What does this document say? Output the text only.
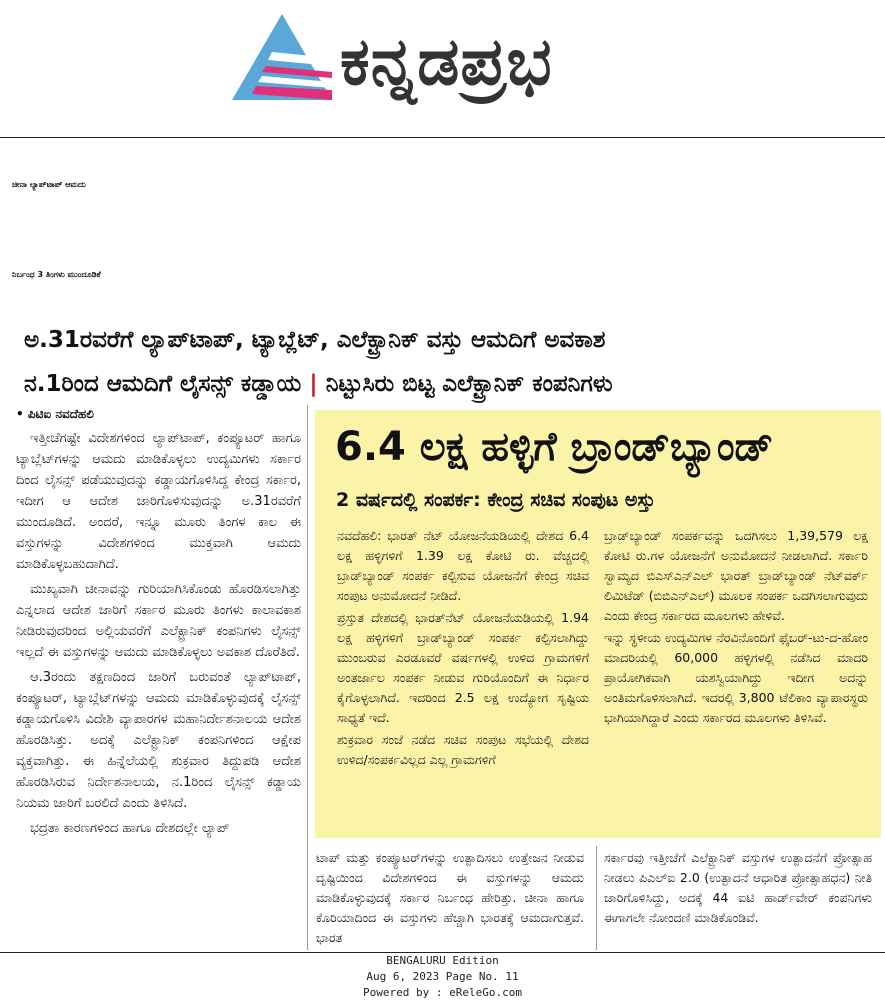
ಕನ್ನಡಪ್ರಭ
ಚೀನಾ ಲ್ಯಾಪ್‌ಟಾಪ್ ಆಮದು
ನಿರ್ಬಂಧ 3 ತಿಂಗಳು ಮುಂದೂಡಿಕೆ
ಅ.31ರವರೆಗೆ ಲ್ಯಾಪ್‌ಟಾಪ್, ಟ್ಯಾಬ್ಲೆಟ್, ಎಲೆಕ್ಟ್ರಾನಿಕ್ ವಸ್ತು ಆಮದಿಗೆ ಅವಕಾಶ
ನ.1ರಿಂದ ಆಮದಿಗೆ ಲೈಸನ್ಸ್ ಕಡ್ಡಾಯ | ನಿಟ್ಟುಸಿರು ಬಿಟ್ಟ ಎಲೆಕ್ಟ್ರಾನಿಕ್ ಕಂಪನಿಗಳು
• ಪಿಟಿಐ ನವದೆಹಲಿ

ಇತ್ತೀಚೆಗಷ್ಟೇ ವಿದೇಶಗಳಿಂದ ಲ್ಯಾಪ್‌ಟಾಪ್, ಕಂಪ್ಯೂಟರ್ ಹಾಗೂ ಟ್ಯಾಬ್ಲೆಟ್‌ಗಳನ್ನು ಆಮದು ಮಾಡಿಕೊಳ್ಳಲು ಉದ್ಯಮಿಗಳು ಸರ್ಕಾರ ದಿಂದ ಲೈಸನ್ಸ್ ಪಡೆಯುವುದನ್ನು ಕಡ್ಡಾಯಗೊಳಿಸಿದ್ದ ಕೇಂದ್ರ ಸರ್ಕಾರ, ಇದೀಗ ಆ ಆದೇಶ ಜಾರಿಗೊಳಿಸುವುದನ್ನು ಅ.31ರವರೆಗೆ ಮುಂದೂಡಿದೆ. ಅಂದರೆ, ಇನ್ನೂ ಮೂರು ತಿಂಗಳ ಕಾಲ ಈ ವಸ್ತುಗಳನ್ನು ವಿದೇಶಗಳಿಂದ ಮುಕ್ತವಾಗಿ ಆಮದು ಮಾಡಿಕೊಳ್ಳಬಹುದಾಗಿದೆ.

ಮುಖ್ಯವಾಗಿ ಚೀನಾವನ್ನು ಗುರಿಯಾಗಿಸಿಕೊಂಡು ಹೊರಡಿಸಲಾಗಿತ್ತು ಎನ್ನಲಾದ ಆದೇಶ ಜಾರಿಗೆ ಸರ್ಕಾರ ಮೂರು ತಿಂಗಳು ಕಾಲಾವಕಾಶ ನೀಡಿರುವುದರಿಂದ ಅಲ್ಲಿಯವರೆಗೆ ಎಲೆಕ್ಟ್ರಾನಿಕ್ ಕಂಪನಿಗಳು ಲೈಸನ್ಸ್ ಇಲ್ಲದೆ ಈ ವಸ್ತುಗಳನ್ನು ಆಮದು ಮಾಡಿಕೊಳ್ಳಲು ಅವಕಾಶ ದೊರೆತಿದೆ.

ಆ.3ರಂದು ತಕ್ಷಣದಿಂದ ಜಾರಿಗೆ ಬರುವಂತೆ ಲ್ಯಾಪ್‌ಟಾಪ್, ಕಂಪ್ಯೂಟರ್, ಟ್ಯಾಬ್ಲೆಟ್‌ಗಳನ್ನು ಆಮದು ಮಾಡಿಕೊಳ್ಳುವುದಕ್ಕೆ ಲೈಸನ್ಸ್ ಕಡ್ಡಾಯಗೊಳಿಸಿ ವಿದೇಶಿ ವ್ಯಾಪಾರಗಳ ಮಹಾನಿರ್ದೇಶನಾಲಯ ಆದೇಶ ಹೊರಡಿಸಿತ್ತು. ಅದಕ್ಕೆ ಎಲೆಕ್ಟ್ರಾನಿಕ್ ಕಂಪನಿಗಳಿಂದ ಆಕ್ಷೇಪ ವ್ಯಕ್ತವಾಗಿತ್ತು. ಈ ಹಿನ್ನೆಲೆಯಲ್ಲಿ ಶುಕ್ರವಾರ ತಿದ್ದುಪಡಿ ಆದೇಶ ಹೊರಡಿಸಿರುವ ನಿರ್ದೇಶನಾಲಯ, ನ.1ರಿಂದ ಲೈಸನ್ಸ್ ಕಡ್ಡಾಯ ನಿಯಮ ಜಾರಿಗೆ ಬರಲಿದೆ ಎಂದು ತಿಳಿಸಿದೆ.

ಭದ್ರತಾ ಕಾರಣಗಳಿಂದ ಹಾಗೂ ದೇಶದಲ್ಲೇ ಲ್ಯಾಪ್

6.4 ಲಕ್ಷ ಹಳ್ಳಿಗೆ ಬ್ರಾಂಡ್‌ಬ್ಯಾಂಡ್
2 ವರ್ಷದಲ್ಲಿ ಸಂಪರ್ಕ: ಕೇಂದ್ರ ಸಚಿವ ಸಂಪುಟ ಅಸ್ತು

ನವದೆಹಲಿ: ಭಾರತ್ ನೆಟ್ ಯೋಜನೆಯಡಿಯಲ್ಲಿ ದೇಶದ 6.4 ಲಕ್ಷ ಹಳ್ಳಿಗಳಿಗೆ 1.39 ಲಕ್ಷ ಕೋಟಿ ರು. ವೆಚ್ಚದಲ್ಲಿ ಬ್ರಾಡ್‌ಬ್ಯಾಂಡ್ ಸಂಪರ್ಕ ಕಲ್ಪಿಸುವ ಯೋಜನೆಗೆ ಕೇಂದ್ರ ಸಚಿವ ಸಂಪುಟ ಅನುಮೋದನೆ ನೀಡಿದೆ.

ಪ್ರಸ್ತುತ ದೇಶದಲ್ಲಿ ಭಾರತ್‌ನೆಟ್ ಯೋಜನೆಯಡಿಯಲ್ಲಿ 1.94 ಲಕ್ಷ ಹಳ್ಳಿಗಳಿಗೆ ಬ್ರಾಡ್‌ಬ್ಯಾಂಡ್ ಸಂಪರ್ಕ ಕಲ್ಪಿಸಲಾಗಿದ್ದು ಮುಂಬರುವ ಎರಡೂವರೆ ವರ್ಷಗಳಲ್ಲಿ ಉಳಿದ ಗ್ರಾಮಗಳಿಗೆ ಅಂತರ್ಜಾಲ ಸಂಪರ್ಕ ನೀಡುವ ಗುರಿಯೊಂದಿಗೆ ಈ ನಿರ್ಧಾರ ಕೈಗೊಳ್ಳಲಾಗಿದೆ. ಇದರಿಂದ 2.5 ಲಕ್ಷ ಉದ್ಯೋಗ ಸೃಷ್ಟಿಯ ಸಾಧ್ಯತೆ ಇದೆ.

ಶುಕ್ರವಾರ ಸಂಜೆ ನಡೆದ ಸಚಿವ ಸಂಪುಟ ಸಭೆಯಲ್ಲಿ ದೇಶದ ಉಳಿದ/ಸಂಪರ್ಕವಿಲ್ಲದ ಎಲ್ಲ ಗ್ರಾಮಗಳಿಗೆ

ಬ್ರಾಡ್‌ಬ್ಯಾಂಡ್ ಸಂಪರ್ಕವನ್ನು ಒದಗಿಸಲು 1,39,579 ಲಕ್ಷ ಕೋಟಿ ರು.ಗಳ ಯೋಜನೆಗೆ ಅನುಮೋದನೆ ನೀಡಲಾಗಿದೆ. ಸರ್ಕಾರಿ ಸ್ವಾಮ್ಯದ ಬಿಎಸ್‌ಎನ್‌ಎಲ್ ಭಾರತ್ ಬ್ರಾಡ್‌ಬ್ಯಾಂಡ್ ನೆಟ್‌ವರ್ಕ್ ಲಿಮಿಟೆಡ್ (ಬಿಬಿಎನ್‌ಎಲ್) ಮೂಲಕ ಸಂಪರ್ಕ ಒದಗಿಸಲಾಗುವುದು ಎಂದು ಕೇಂದ್ರ ಸರ್ಕಾರದ ಮೂಲಗಳು ಹೇಳಿವೆ.

ಇನ್ನು ಸ್ಥಳೀಯ ಉದ್ಯಮಿಗಳ ನೆರವಿನೊಂದಿಗೆ ಫೈಬರ್-ಟು-ದ-ಹೋಂ ಮಾದರಿಯಲ್ಲಿ 60,000 ಹಳ್ಳಿಗಳಲ್ಲಿ ನಡೆಸಿದ ಮಾದರಿ ಪ್ರಾಯೋಗಿಕವಾಗಿ ಯಶಸ್ವಿಯಾಗಿದ್ದು ಇದೀಗ ಅದನ್ನು ಅಂತಿಮಗೊಳಿಸಲಾಗಿದೆ. ಇದರಲ್ಲಿ 3,800 ಟೆಲಿಕಾಂ ವ್ಯಾಪಾರಸ್ಥರು ಭಾಗಿಯಾಗಿದ್ದಾರೆ ಎಂದು ಸರ್ಕಾರದ ಮೂಲಗಳು ತಿಳಿಸಿವೆ.

ಟಾಪ್ ಮತ್ತು ಕಂಪ್ಯೂಟರ್‌ಗಳನ್ನು ಉತ್ಪಾದಿಸಲು ಉತ್ತೇಜನ ನೀಡುವ ದೃಷ್ಟಿಯಿಂದ ವಿದೇಶಗಳಿಂದ ಈ ವಸ್ತುಗಳನ್ನು ಆಮದು ಮಾಡಿಕೊಳ್ಳುವುದಕ್ಕೆ ಸರ್ಕಾರ ನಿರ್ಬಂಧ ಹೇರಿತ್ತು. ಚೀನಾ ಹಾಗೂ ಕೊರಿಯಾದಿಂದ ಈ ವಸ್ತುಗಳು ಹೆಚ್ಚಾಗಿ ಭಾರತಕ್ಕೆ ಆಮದಾಗುತ್ತವೆ. ಭಾರತ
ಸರ್ಕಾರವು ಇತ್ತೀಚೆಗೆ ಎಲೆಕ್ಟ್ರಾನಿಕ್ ವಸ್ತುಗಳ ಉತ್ಪಾದನೆಗೆ ಪ್ರೋತ್ಸಾಹ ನೀಡಲು ಪಿಎಲ್‌ಐ 2.0 (ಉತ್ಪಾದನೆ ಆಧಾರಿತ ಪ್ರೋತ್ಸಾಹಧನ) ನೀತಿ ಜಾರಿಗೊಳಿಸಿದ್ದು, ಅದಕ್ಕೆ 44 ಐಟಿ ಹಾರ್ಡ್‌ವೇರ್ ಕಂಪನಿಗಳು ಈಗಾಗಲೇ ನೋಂದಣಿ ಮಾಡಿಕೊಂಡಿವೆ.
BENGALURU Edition
Aug 6, 2023 Page No. 11
Powered by : eReleGo.com
